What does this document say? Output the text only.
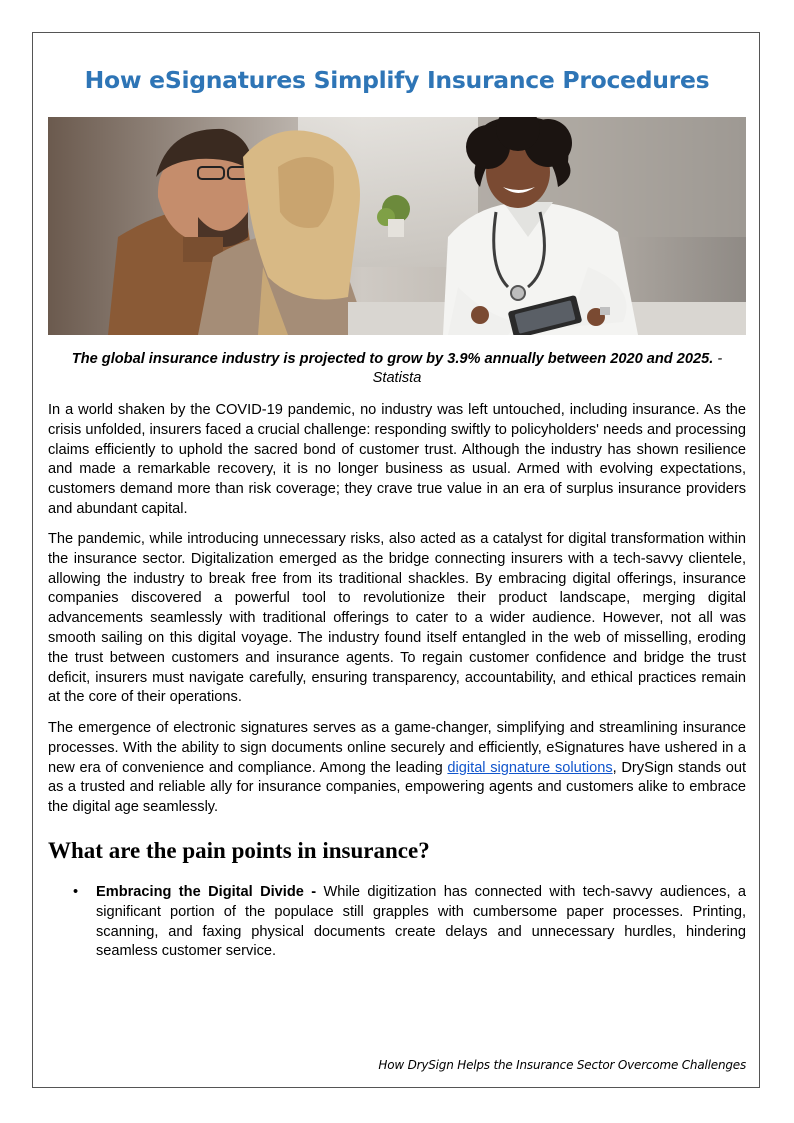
How eSignatures Simplify Insurance Procedures

The global insurance industry is projected to grow by 3.9% annually between 2020 and 2025. - Statista

In a world shaken by the COVID-19 pandemic, no industry was left untouched, including insurance. As the crisis unfolded, insurers faced a crucial challenge: responding swiftly to policyholders' needs and processing claims efficiently to uphold the sacred bond of customer trust. Although the industry has shown resilience and made a remarkable recovery, it is no longer business as usual. Armed with evolving expectations, customers demand more than risk coverage; they crave true value in an era of surplus insurance providers and abundant capital.

The pandemic, while introducing unnecessary risks, also acted as a catalyst for digital transformation within the insurance sector. Digitalization emerged as the bridge connecting insurers with a tech-savvy clientele, allowing the industry to break free from its traditional shackles. By embracing digital offerings, insurance companies discovered a powerful tool to revolutionize their product landscape, merging digital advancements seamlessly with traditional offerings to cater to a wider audience. However, not all was smooth sailing on this digital voyage. The industry found itself entangled in the web of misselling, eroding the trust between customers and insurance agents. To regain customer confidence and bridge the trust deficit, insurers must navigate carefully, ensuring transparency, accountability, and ethical practices remain at the core of their operations.

The emergence of electronic signatures serves as a game-changer, simplifying and streamlining insurance processes. With the ability to sign documents online securely and efficiently, eSignatures have ushered in a new era of convenience and compliance. Among the leading digital signature solutions, DrySign stands out as a trusted and reliable ally for insurance companies, empowering agents and customers alike to embrace the digital age seamlessly.

What are the pain points in insurance?
• Embracing the Digital Divide - While digitization has connected with tech-savvy audiences, a significant portion of the populace still grapples with cumbersome paper processes. Printing, scanning, and faxing physical documents create delays and unnecessary hurdles, hindering seamless customer service.
How DrySign Helps the Insurance Sector Overcome Challenges
